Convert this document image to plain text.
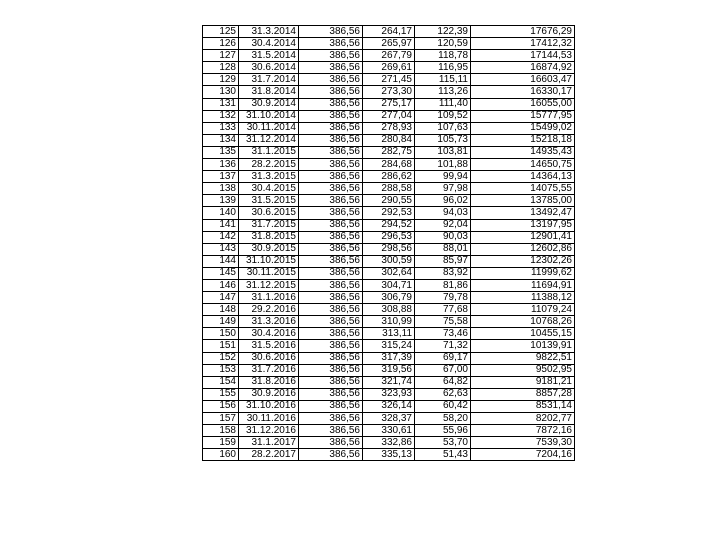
125	31.3.2014	386,56	264,17	122,39	17676,29
126	30.4.2014	386,56	265,97	120,59	17412,32
127	31.5.2014	386,56	267,79	118,78	17144,53
128	30.6.2014	386,56	269,61	116,95	16874,92
129	31.7.2014	386,56	271,45	115,11	16603,47
130	31.8.2014	386,56	273,30	113,26	16330,17
131	30.9.2014	386,56	275,17	111,40	16055,00
132	31.10.2014	386,56	277,04	109,52	15777,95
133	30.11.2014	386,56	278,93	107,63	15499,02
134	31.12.2014	386,56	280,84	105,73	15218,18
135	31.1.2015	386,56	282,75	103,81	14935,43
136	28.2.2015	386,56	284,68	101,88	14650,75
137	31.3.2015	386,56	286,62	99,94	14364,13
138	30.4.2015	386,56	288,58	97,98	14075,55
139	31.5.2015	386,56	290,55	96,02	13785,00
140	30.6.2015	386,56	292,53	94,03	13492,47
141	31.7.2015	386,56	294,52	92,04	13197,95
142	31.8.2015	386,56	296,53	90,03	12901,41
143	30.9.2015	386,56	298,56	88,01	12602,86
144	31.10.2015	386,56	300,59	85,97	12302,26
145	30.11.2015	386,56	302,64	83,92	11999,62
146	31.12.2015	386,56	304,71	81,86	11694,91
147	31.1.2016	386,56	306,79	79,78	11388,12
148	29.2.2016	386,56	308,88	77,68	11079,24
149	31.3.2016	386,56	310,99	75,58	10768,26
150	30.4.2016	386,56	313,11	73,46	10455,15
151	31.5.2016	386,56	315,24	71,32	10139,91
152	30.6.2016	386,56	317,39	69,17	9822,51
153	31.7.2016	386,56	319,56	67,00	9502,95
154	31.8.2016	386,56	321,74	64,82	9181,21
155	30.9.2016	386,56	323,93	62,63	8857,28
156	31.10.2016	386,56	326,14	60,42	8531,14
157	30.11.2016	386,56	328,37	58,20	8202,77
158	31.12.2016	386,56	330,61	55,96	7872,16
159	31.1.2017	386,56	332,86	53,70	7539,30
160	28.2.2017	386,56	335,13	51,43	7204,16
